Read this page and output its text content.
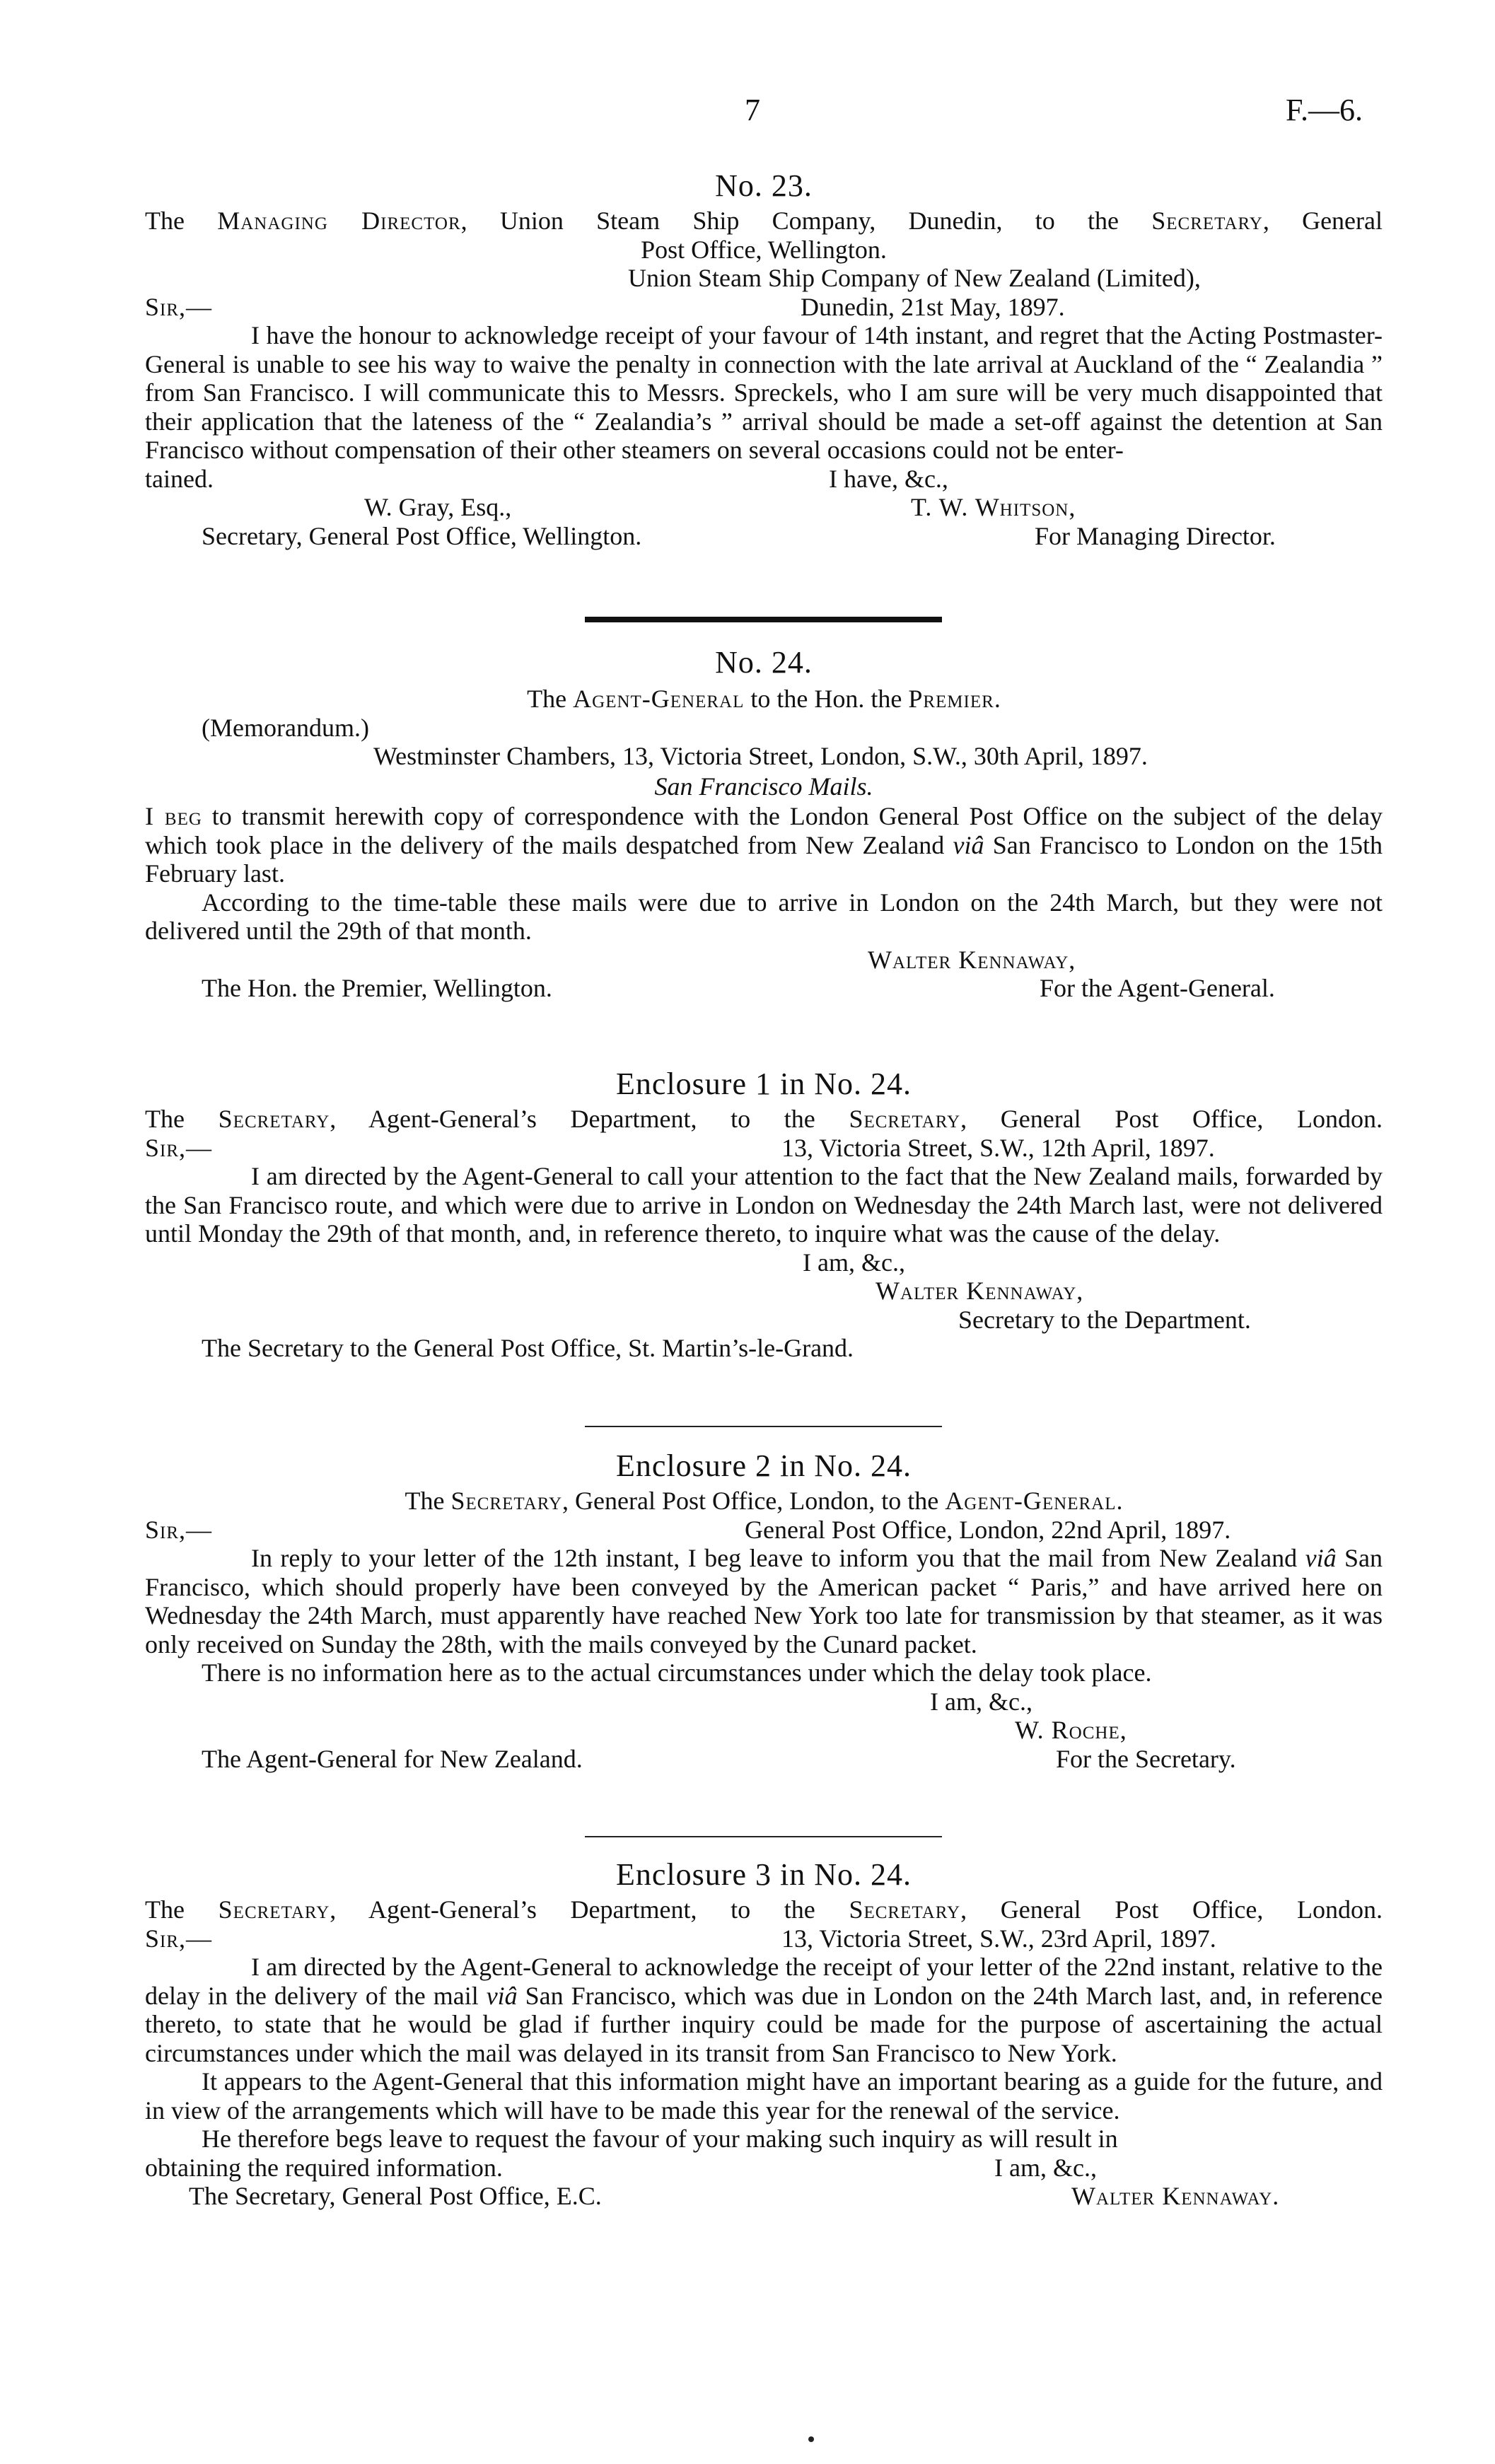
7	F.—6.
No. 23.
The Managing Director, Union Steam Ship Company, Dunedin, to the Secretary, General
Post Office, Wellington.
Union Steam Ship Company of New Zealand (Limited),
Sir,—	Dunedin, 21st May, 1897.

I have the honour to acknowledge receipt of your favour of 14th instant, and regret that the Acting Postmaster-General is unable to see his way to waive the penalty in connection with the late arrival at Auckland of the “ Zealandia ” from San Francisco. I will communicate this to Messrs. Spreckels, who I am sure will be very much disappointed that their application that the lateness of the “ Zealandia’s ” arrival should be made a set-off against the detention at San Francisco without compensation of their other steamers on several occasions could not be enter-

tained.	I have, &c.,
W. Gray, Esq.,	T. W. Whitson,
Secretary, General Post Office, Wellington.	For Managing Director.
No. 24.
The Agent-General to the Hon. the Premier.
(Memorandum.)
Westminster Chambers, 13, Victoria Street, London, S.W., 30th April, 1897.
San Francisco Mails.

I beg to transmit herewith copy of correspondence with the London General Post Office on the subject of the delay which took place in the delivery of the mails despatched from New Zealand viâ San Francisco to London on the 15th February last.

According to the time-table these mails were due to arrive in London on the 24th March, but they were not delivered until the 29th of that month.

Walter Kennaway,
The Hon. the Premier, Wellington.	For the Agent-General.
Enclosure 1 in No. 24.
The Secretary, Agent-General’s Department, to the Secretary, General Post Office, London.
Sir,—	13, Victoria Street, S.W., 12th April, 1897.

I am directed by the Agent-General to call your attention to the fact that the New Zealand mails, forwarded by the San Francisco route, and which were due to arrive in London on Wednesday the 24th March last, were not delivered until Monday the 29th of that month, and, in reference thereto, to inquire what was the cause of the delay.

I am, &c.,
Walter Kennaway,
Secretary to the Department.
The Secretary to the General Post Office, St. Martin’s-le-Grand.
Enclosure 2 in No. 24.
The Secretary, General Post Office, London, to the Agent-General.
Sir,—	General Post Office, London, 22nd April, 1897.

In reply to your letter of the 12th instant, I beg leave to inform you that the mail from New Zealand viâ San Francisco, which should properly have been conveyed by the American packet “ Paris,” and have arrived here on Wednesday the 24th March, must apparently have reached New York too late for transmission by that steamer, as it was only received on Sunday the 28th, with the mails conveyed by the Cunard packet.

There is no information here as to the actual circumstances under which the delay took place.

I am, &c.,
W. Roche,
The Agent-General for New Zealand.	For the Secretary.
Enclosure 3 in No. 24.
The Secretary, Agent-General’s Department, to the Secretary, General Post Office, London.
Sir,—	13, Victoria Street, S.W., 23rd April, 1897.

I am directed by the Agent-General to acknowledge the receipt of your letter of the 22nd instant, relative to the delay in the delivery of the mail viâ San Francisco, which was due in London on the 24th March last, and, in reference thereto, to state that he would be glad if further inquiry could be made for the purpose of ascertaining the actual circumstances under which the mail was delayed in its transit from San Francisco to New York.

It appears to the Agent-General that this information might have an important bearing as a guide for the future, and in view of the arrangements which will have to be made this year for the renewal of the service.

He therefore begs leave to request the favour of your making such inquiry as will result in

obtaining the required information.	I am, &c.,
The Secretary, General Post Office, E.C.	Walter Kennaway.
